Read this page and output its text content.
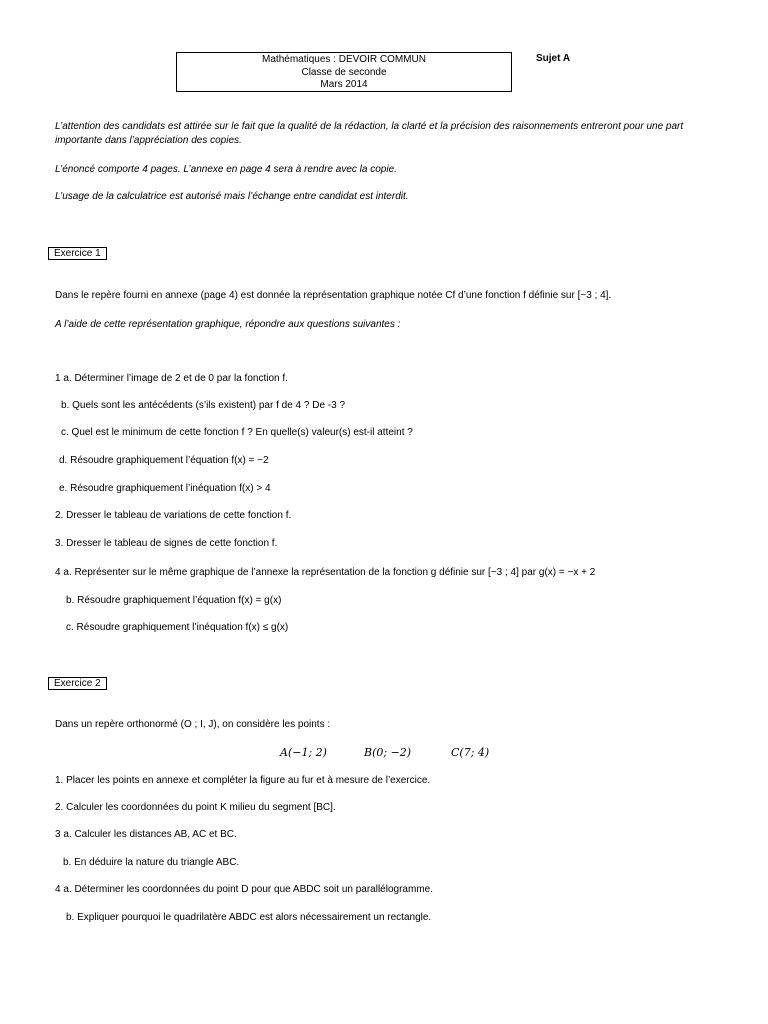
Mathématiques : DEVOIR COMMUN
Classe de seconde
Mars 2014
Sujet A
L’attention des candidats est attirée sur le fait que la qualité de la rédaction, la clarté et la précision des raisonnements entreront pour une part importante dans l’appréciation des copies.
L’énoncé comporte 4 pages. L’annexe en page 4 sera à rendre avec la copie.
L’usage de la calculatrice est autorisé mais l’échange entre candidat est interdit.
Exercice 1
Dans le repère fourni en annexe (page 4) est donnée la représentation graphique notée Cf d’une fonction f définie sur [−3 ; 4].
A l’aide de cette représentation graphique, répondre aux questions suivantes :
1 a. Déterminer l’image de 2 et de 0 par la fonction f.
b. Quels sont les antécédents (s’ils existent) par f de 4 ? De -3 ?
c. Quel est le minimum de cette fonction f ? En quelle(s) valeur(s) est-il atteint ?
d. Résoudre graphiquement l’équation f(x) = −2
e. Résoudre graphiquement l’inéquation f(x) > 4
2. Dresser le tableau de variations de cette fonction f.
3. Dresser le tableau de signes de cette fonction f.
4 a. Représenter sur le même graphique de l’annexe la représentation de la fonction g définie sur [−3 ; 4] par g(x) = −x + 2
b. Résoudre graphiquement l’équation f(x) = g(x)
c. Résoudre graphiquement l’inéquation f(x) ≤ g(x)
Exercice 2
Dans un repère orthonormé (O ; I, J), on considère les points :
A(−1; 2)	B(0; −2)	C(7; 4)
1. Placer les points en annexe et compléter la figure au fur et à mesure de l’exercice.
2. Calculer les coordonnées du point K milieu du segment [BC].
3 a. Calculer les distances AB, AC et BC.
b. En déduire la nature du triangle ABC.
4 a. Déterminer les coordonnées du point D pour que ABDC soit un parallélogramme.
b. Expliquer pourquoi le quadrilatère ABDC est alors nécessairement un rectangle.
